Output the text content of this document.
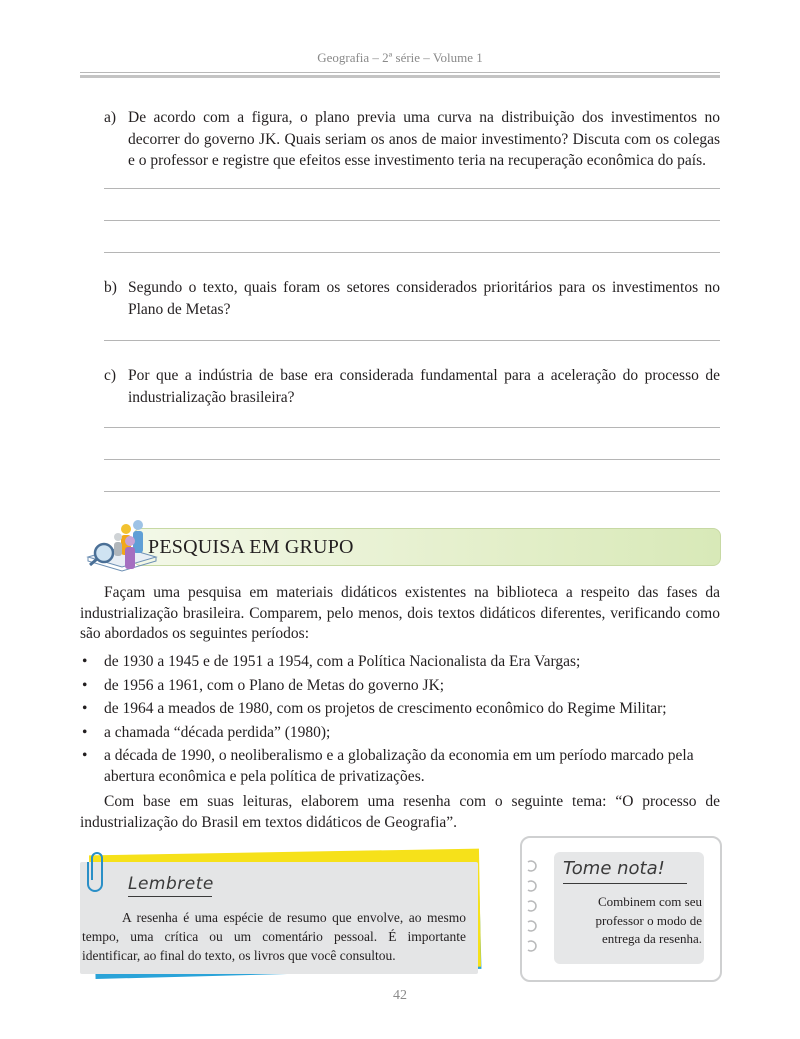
Geografia – 2ª série – Volume 1
a) De acordo com a figura, o plano previa uma curva na distribuição dos investimentos no decorrer do governo JK. Quais seriam os anos de maior investimento? Discuta com os colegas e o professor e registre que efeitos esse investimento teria na recuperação econômica do país.
b) Segundo o texto, quais foram os setores considerados prioritários para os investimentos no Plano de Metas?
c) Por que a indústria de base era considerada fundamental para a aceleração do processo de industrialização brasileira?
PESQUISA EM GRUPO
Façam uma pesquisa em materiais didáticos existentes na biblioteca a respeito das fases da industrialização brasileira. Comparem, pelo menos, dois textos didáticos diferentes, verificando como são abordados os seguintes períodos:
• de 1930 a 1945 e de 1951 a 1954, com a Política Nacionalista da Era Vargas;
• de 1956 a 1961, com o Plano de Metas do governo JK;
• de 1964 a meados de 1980, com os projetos de crescimento econômico do Regime Militar;
• a chamada “década perdida” (1980);
• a década de 1990, o neoliberalismo e a globalização da economia em um período marcado pela abertura econômica e pela política de privatizações.
Com base em suas leituras, elaborem uma resenha com o seguinte tema: “O processo de industrialização do Brasil em textos didáticos de Geografia”.
Lembrete
A resenha é uma espécie de resumo que envolve, ao mesmo tempo, uma crítica ou um comentário pessoal. É importante identificar, ao final do texto, os livros que você consultou.
Tome nota!
Combinem com seu professor o modo de entrega da resenha.
42
